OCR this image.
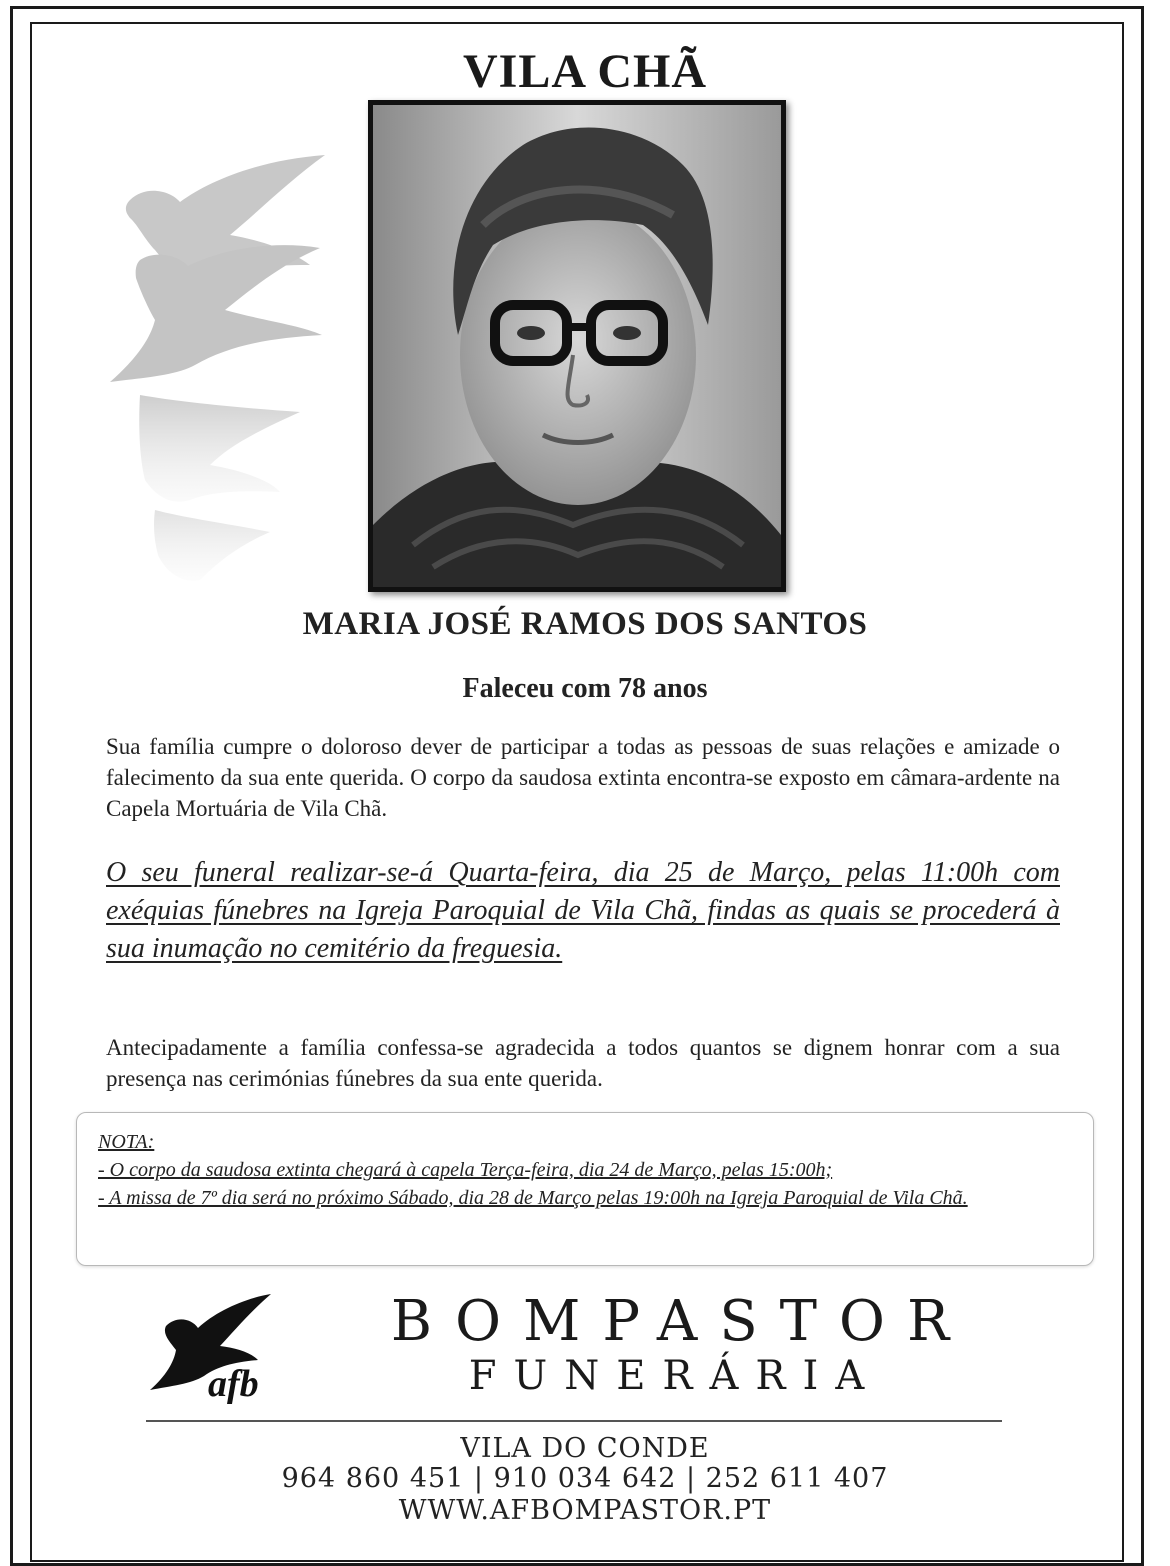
VILA CHÃ
MARIA JOSÉ RAMOS DOS SANTOS
Faleceu com 78 anos
Sua família cumpre o doloroso dever de participar a todas as pessoas de suas relações e amizade o falecimento da sua ente querida. O corpo da saudosa extinta encontra-se exposto em câmara-ardente na Capela Mortuária de Vila Chã.
O seu funeral realizar-se-á Quarta-feira, dia 25 de Março, pelas 11:00h com exéquias fúnebres na Igreja Paroquial de Vila Chã, findas as quais se procederá à sua inumação no cemitério da freguesia.
Antecipadamente a família confessa-se agradecida a todos quantos se dignem honrar com a sua presença nas cerimónias fúnebres da sua ente querida.
NOTA:
- O corpo da saudosa extinta chegará à capela Terça-feira, dia 24 de Março, pelas 15:00h;
- A missa de 7º dia será no próximo Sábado, dia 28 de Março pelas 19:00h na Igreja Paroquial de Vila Chã.
afb
BOMPASTOR
FUNERÁRIA
VILA DO CONDE
964 860 451 | 910 034 642 | 252 611 407
WWW.AFBOMPASTOR.PT
